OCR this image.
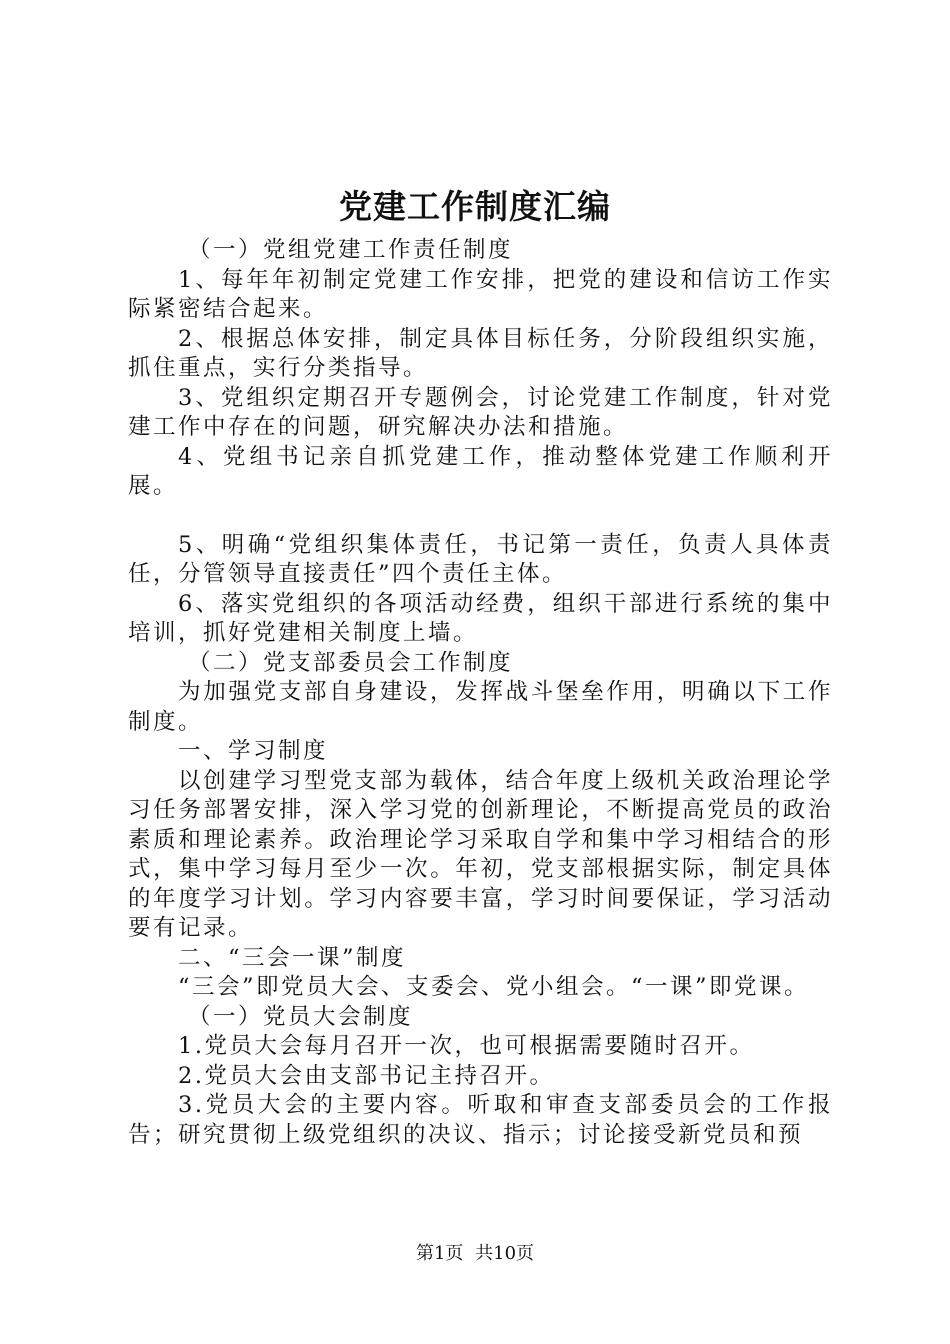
党建工作制度汇编

（一）党组党建工作责任制度

1、每年年初制定党建工作安排，把党的建设和信访工作实际紧密结合起来。

2、根据总体安排，制定具体目标任务，分阶段组织实施，抓住重点，实行分类指导。

3、党组织定期召开专题例会，讨论党建工作制度，针对党建工作中存在的问题，研究解决办法和措施。

4、党组书记亲自抓党建工作，推动整体党建工作顺利开展。

5、明确“党组织集体责任，书记第一责任，负责人具体责任，分管领导直接责任”四个责任主体。

6、落实党组织的各项活动经费，组织干部进行系统的集中培训，抓好党建相关制度上墙。

（二）党支部委员会工作制度

为加强党支部自身建设，发挥战斗堡垒作用，明确以下工作制度。

一、学习制度

以创建学习型党支部为载体，结合年度上级机关政治理论学习任务部署安排，深入学习党的创新理论，不断提高党员的政治素质和理论素养。政治理论学习采取自学和集中学习相结合的形式，集中学习每月至少一次。年初，党支部根据实际，制定具体的年度学习计划。学习内容要丰富，学习时间要保证，学习活动要有记录。

二、“三会一课”制度

“三会”即党员大会、支委会、党小组会。“一课”即党课。

（一）党员大会制度

1.党员大会每月召开一次，也可根据需要随时召开。

2.党员大会由支部书记主持召开。

3.党员大会的主要内容。听取和审查支部委员会的工作报告；研究贯彻上级党组织的决议、指示；讨论接受新党员和预

第1页 共10页
